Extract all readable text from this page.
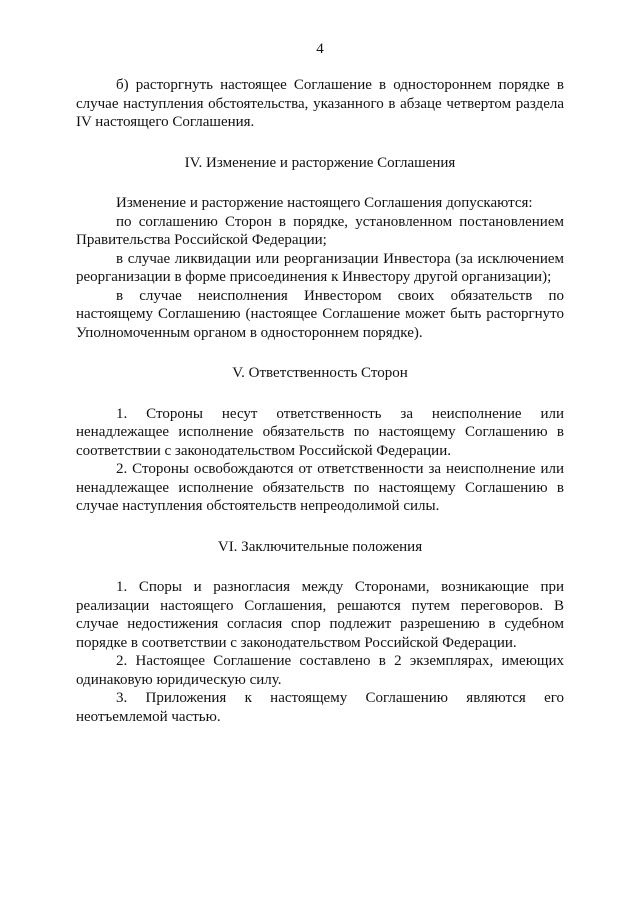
4

б) расторгнуть настоящее Соглашение в одностороннем порядке в случае наступления обстоятельства, указанного в абзаце четвертом раздела IV настоящего Соглашения.

IV. Изменение и расторжение Соглашения

Изменение и расторжение настоящего Соглашения допускаются:

по соглашению Сторон в порядке, установленном постановлением Правительства Российской Федерации;

в случае ликвидации или реорганизации Инвестора (за исключением реорганизации в форме присоединения к Инвестору другой организации);

в случае неисполнения Инвестором своих обязательств по настоящему Соглашению (настоящее Соглашение может быть расторгнуто Уполномоченным органом в одностороннем порядке).

V. Ответственность Сторон

1. Стороны несут ответственность за неисполнение или ненадлежащее исполнение обязательств по настоящему Соглашению в соответствии с законодательством Российской Федерации.

2. Стороны освобождаются от ответственности за неисполнение или ненадлежащее исполнение обязательств по настоящему Соглашению в случае наступления обстоятельств непреодолимой силы.

VI. Заключительные положения

1. Споры и разногласия между Сторонами, возникающие при реализации настоящего Соглашения, решаются путем переговоров. В случае недостижения согласия спор подлежит разрешению в судебном порядке в соответствии с законодательством Российской Федерации.

2. Настоящее Соглашение составлено в 2 экземплярах, имеющих одинаковую юридическую силу.

3. Приложения к настоящему Соглашению являются его неотъемлемой частью.
